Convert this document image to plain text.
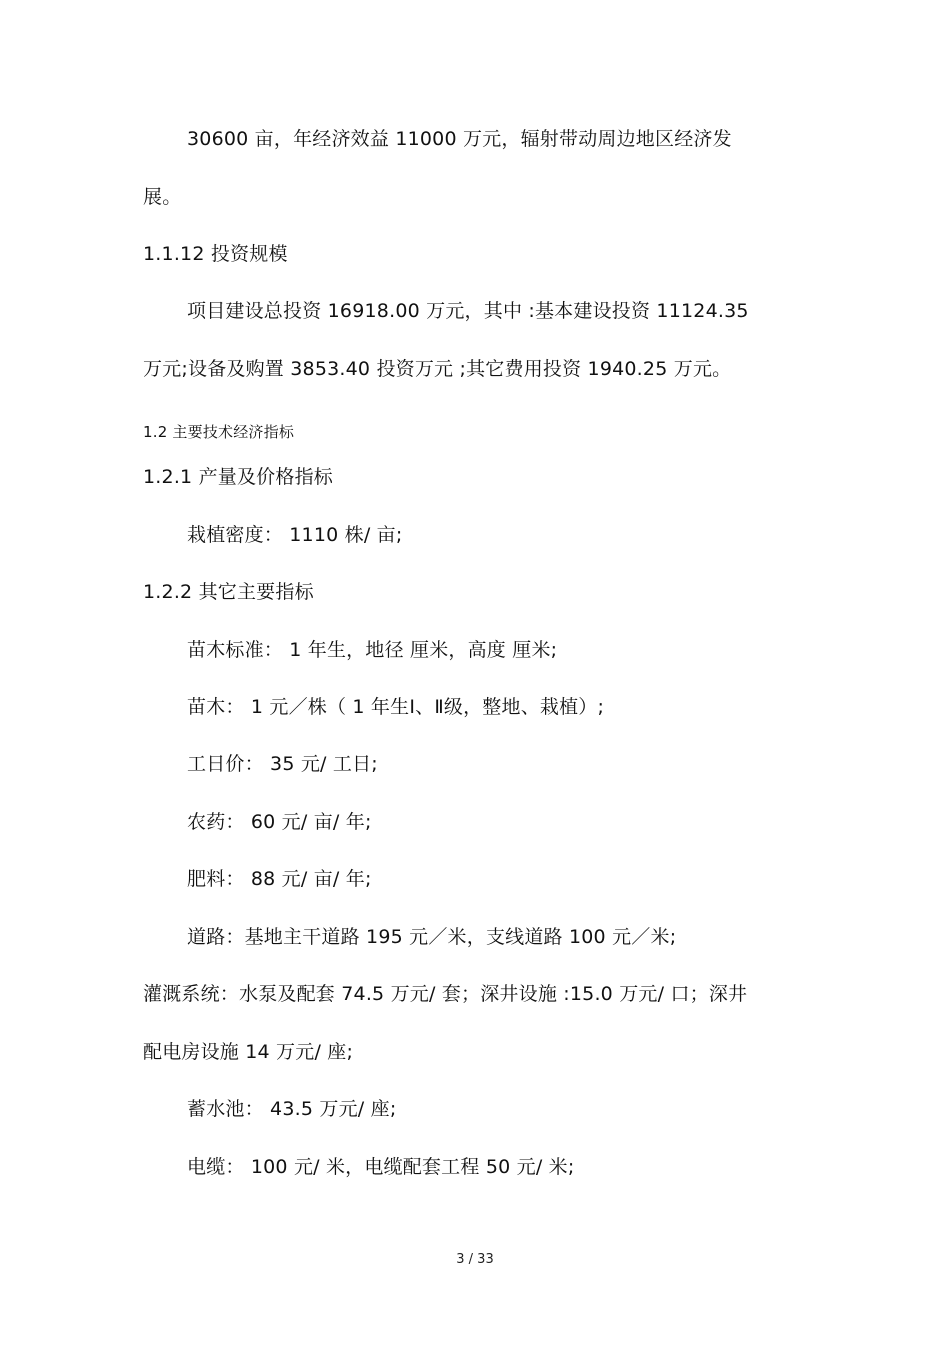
30600 亩，年经济效益 11000 万元，辐射带动周边地区经济发
展。
1.1.12 投资规模
项目建设总投资 16918.00 万元，其中 :基本建设投资 11124.35
万元;设备及购置 3853.40 投资万元 ;其它费用投资 1940.25 万元。
1.2 主要技术经济指标
1.2.1 产量及价格指标
栽植密度： 1110 株/ 亩;
1.2.2 其它主要指标
苗木标准： 1 年生，地径 厘米，高度 厘米;
苗木： 1 元／株（ 1 年生Ⅰ、Ⅱ级，整地、栽植）;
工日价： 35 元/ 工日;
农药： 60 元/ 亩/ 年;
肥料： 88 元/ 亩/ 年;
道路：基地主干道路 195 元／米，支线道路 100 元／米;
灌溉系统：水泵及配套 74.5 万元/ 套；深井设施 :15.0 万元/ 口；深井
配电房设施 14 万元/ 座;
蓄水池： 43.5 万元/ 座;
电缆： 100 元/ 米，电缆配套工程 50 元/ 米;
3 / 33
